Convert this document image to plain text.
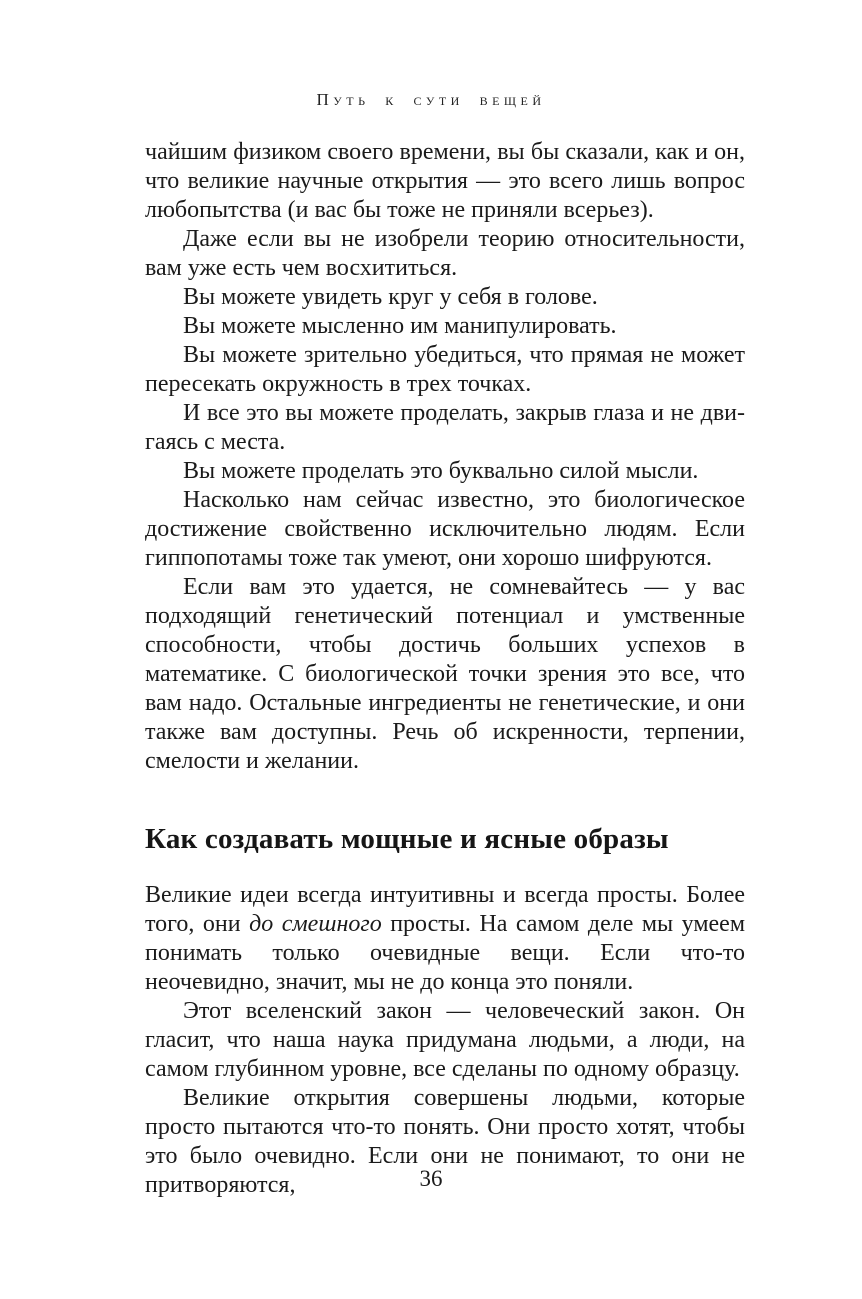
Путь к сути вещей

чайшим физиком своего времени, вы бы сказали, как и он, что великие научные открытия — это всего лишь вопрос любопытства (и вас бы тоже не приняли всерьез).

Даже если вы не изобрели теорию относительности, вам уже есть чем восхититься.

Вы можете увидеть круг у себя в голове.

Вы можете мысленно им манипулировать.

Вы можете зрительно убедиться, что прямая не может пересекать окружность в трех точках.

И все это вы можете проделать, закрыв глаза и не двигаясь с места.

Вы можете проделать это буквально силой мысли.

Насколько нам сейчас известно, это биологическое достижение свойственно исключительно людям. Если гиппопотамы тоже так умеют, они хорошо шифруются.

Если вам это удается, не сомневайтесь — у вас подходящий генетический потенциал и умственные способности, чтобы достичь больших успехов в математике. С биологической точки зрения это все, что вам надо. Остальные ингредиенты не генетические, и они также вам доступны. Речь об искренности, терпении, смелости и желании.

Как создавать мощные и ясные образы

Великие идеи всегда интуитивны и всегда просты. Более того, они до смешного просты. На самом деле мы умеем понимать только очевидные вещи. Если что-то неочевидно, значит, мы не до конца это поняли.

Этот вселенский закон — человеческий закон. Он гласит, что наша наука придумана людьми, а люди, на самом глубинном уровне, все сделаны по одному образцу.

Великие открытия совершены людьми, которые просто пытаются что-то понять. Они просто хотят, чтобы это было очевидно. Если они не понимают, то они не притворяются,	36
